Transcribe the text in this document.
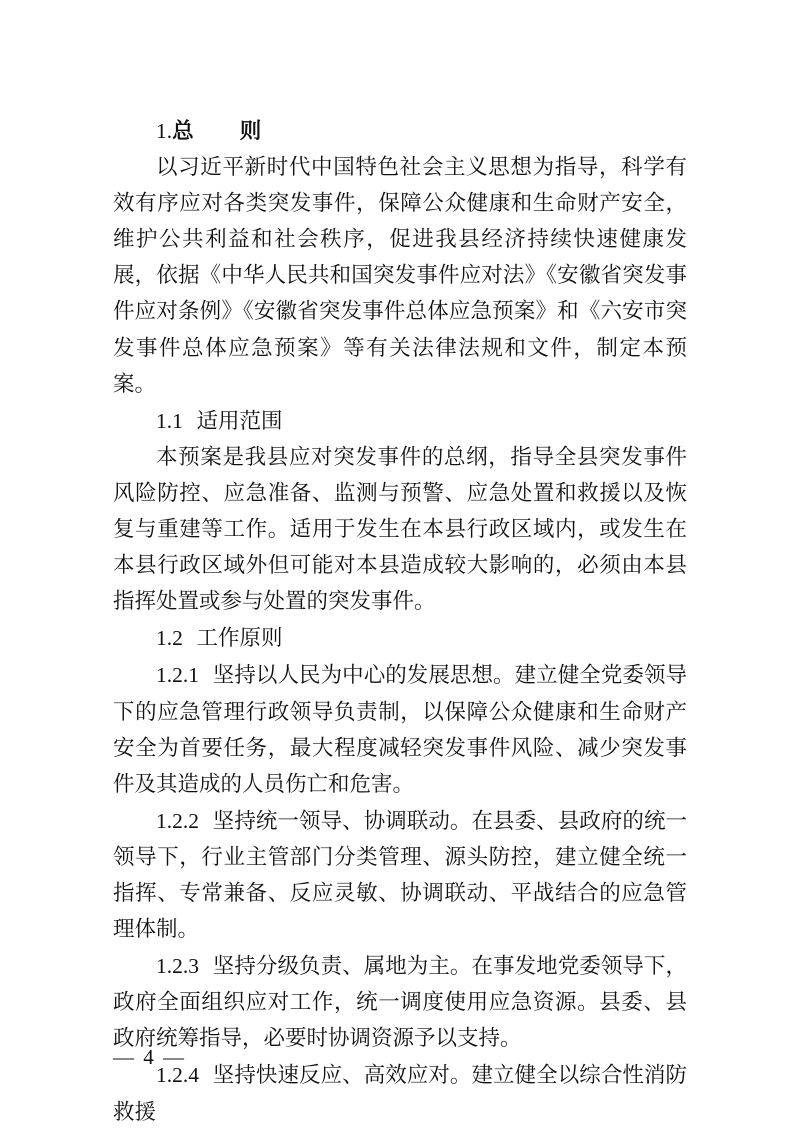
1.总 则

以习近平新时代中国特色社会主义思想为指导，科学有效有序应对各类突发事件，保障公众健康和生命财产安全，维护公共利益和社会秩序，促进我县经济持续快速健康发展，依据《中华人民共和国突发事件应对法》《安徽省突发事件应对条例》《安徽省突发事件总体应急预案》和《六安市突发事件总体应急预案》等有关法律法规和文件，制定本预案。

1.1 适用范围

本预案是我县应对突发事件的总纲，指导全县突发事件风险防控、应急准备、监测与预警、应急处置和救援以及恢复与重建等工作。适用于发生在本县行政区域内，或发生在本县行政区域外但可能对本县造成较大影响的，必须由本县指挥处置或参与处置的突发事件。

1.2 工作原则

1.2.1 坚持以人民为中心的发展思想。建立健全党委领导下的应急管理行政领导负责制，以保障公众健康和生命财产安全为首要任务，最大程度减轻突发事件风险、减少突发事件及其造成的人员伤亡和危害。

1.2.2 坚持统一领导、协调联动。在县委、县政府的统一领导下，行业主管部门分类管理、源头防控，建立健全统一指挥、专常兼备、反应灵敏、协调联动、平战结合的应急管理体制。

1.2.3 坚持分级负责、属地为主。在事发地党委领导下，政府全面组织应对工作，统一调度使用应急资源。县委、县政府统筹指导，必要时协调资源予以支持。

1.2.4 坚持快速反应、高效应对。建立健全以综合性消防救援

— 4 —
